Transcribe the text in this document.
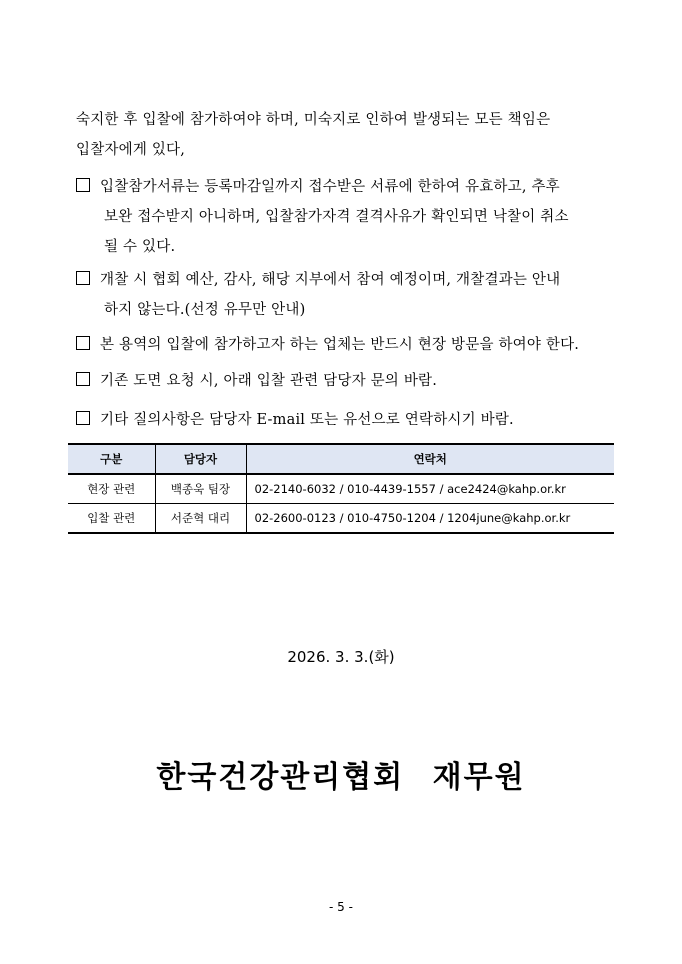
숙지한 후 입찰에 참가하여야 하며, 미숙지로 인하여 발생되는 모든 책임은
입찰자에게 있다,
입찰참가서류는 등록마감일까지 접수받은 서류에 한하여 유효하고, 추후
보완 접수받지 아니하며, 입찰참가자격 결격사유가 확인되면 낙찰이 취소
될 수 있다.
개찰 시 협회 예산, 감사, 해당 지부에서 참여 예정이며, 개찰결과는 안내
하지 않는다.(선정 유무만 안내)
본 용역의 입찰에 참가하고자 하는 업체는 반드시 현장 방문을 하여야 한다.
기존 도면 요청 시, 아래 입찰 관련 담당자 문의 바람.
기타 질의사항은 담당자 E-mail 또는 유선으로 연락하시기 바람.
구분	담당자	연락처
현장 관련	백종욱 팀장	02-2140-6032 / 010-4439-1557 / ace2424@kahp.or.kr
입찰 관련	서준혁 대리	02-2600-0123 / 010-4750-1204 / 1204june@kahp.or.kr
2026. 3. 3.(화)
한국건강관리협회 재무원
- 5 -
